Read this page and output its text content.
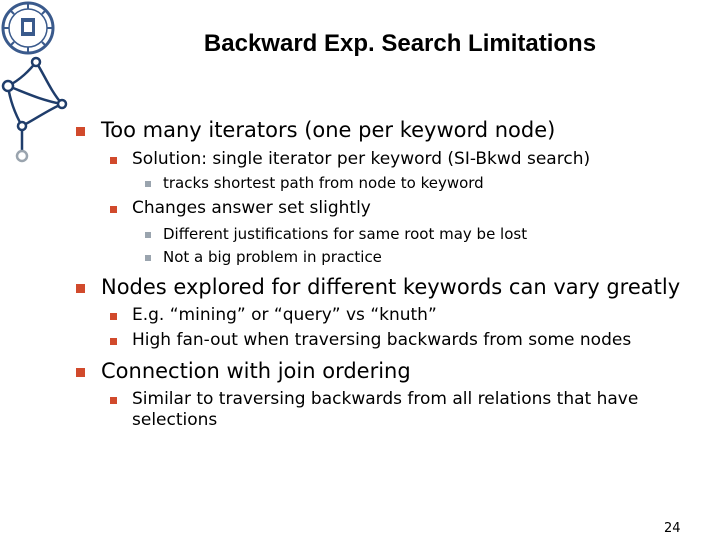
Backward Exp. Search Limitations
Too many iterators (one per keyword node)
Solution: single iterator per keyword (SI-Bkwd search)
tracks shortest path from node to keyword
Changes answer set slightly
Different justifications for same root may be lost
Not a big problem in practice
Nodes explored for different keywords can vary greatly
E.g. “mining” or “query” vs “knuth”
High fan-out when traversing backwards from some nodes
Connection with join ordering
Similar to traversing backwards from all relations that have
selections
24
